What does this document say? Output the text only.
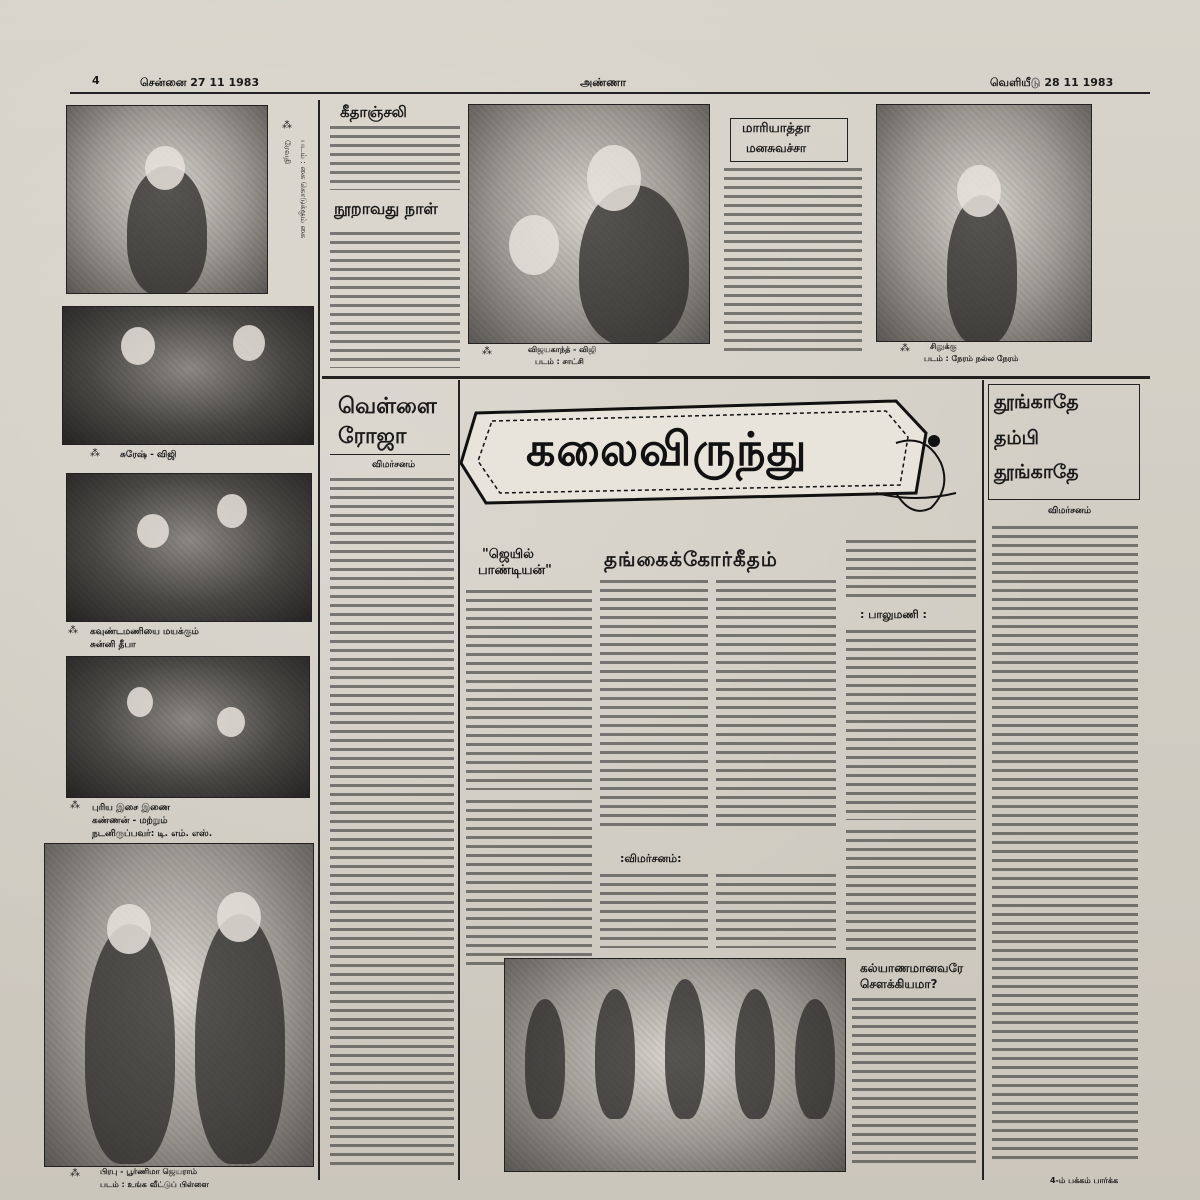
4	சென்னை 27 11 1983	அண்ணா	வெளியீடு 28 11 1983
⁂
ரேவதி படம் : கை கொடுக்கும் கை
சுரேஷ் - விஜி
⁂
⁂ கவுண்டமணியை மயக்கும்
சுன்னி தீபா
⁂ புரிய இசை இணை
கண்ணன் - மற்றும்
நடனிருப்பவர்: டி. எம். எஸ்.
⁂	பிரபு - பூர்ணிமா ஜெயராம்
படம் : உங்க வீட்டுப் பிள்ளை
கீதாஞ்சலி
நூறாவது நாள்
⁂	விஜயகாந்த் - விஜி
படம் : சாட்சி
மாரியாத்தா
மனசுவச்சா
⁂	சிலுக்கு
படம் : நேரம் நல்ல நேரம்
கலைவிருந்து
வெள்ளை
ரோஜா
விமர்சனம்
"ஜெயில்
பாண்டியன்"	தங்கைக்கோர்கீதம்
:விமர்சனம்:
: பாலுமணி :
கல்யாணமானவரே
சௌக்கியமா?
தூங்காதே
தம்பி
தூங்காதே
விமர்சனம்
4-ம் பக்கம் பார்க்க
